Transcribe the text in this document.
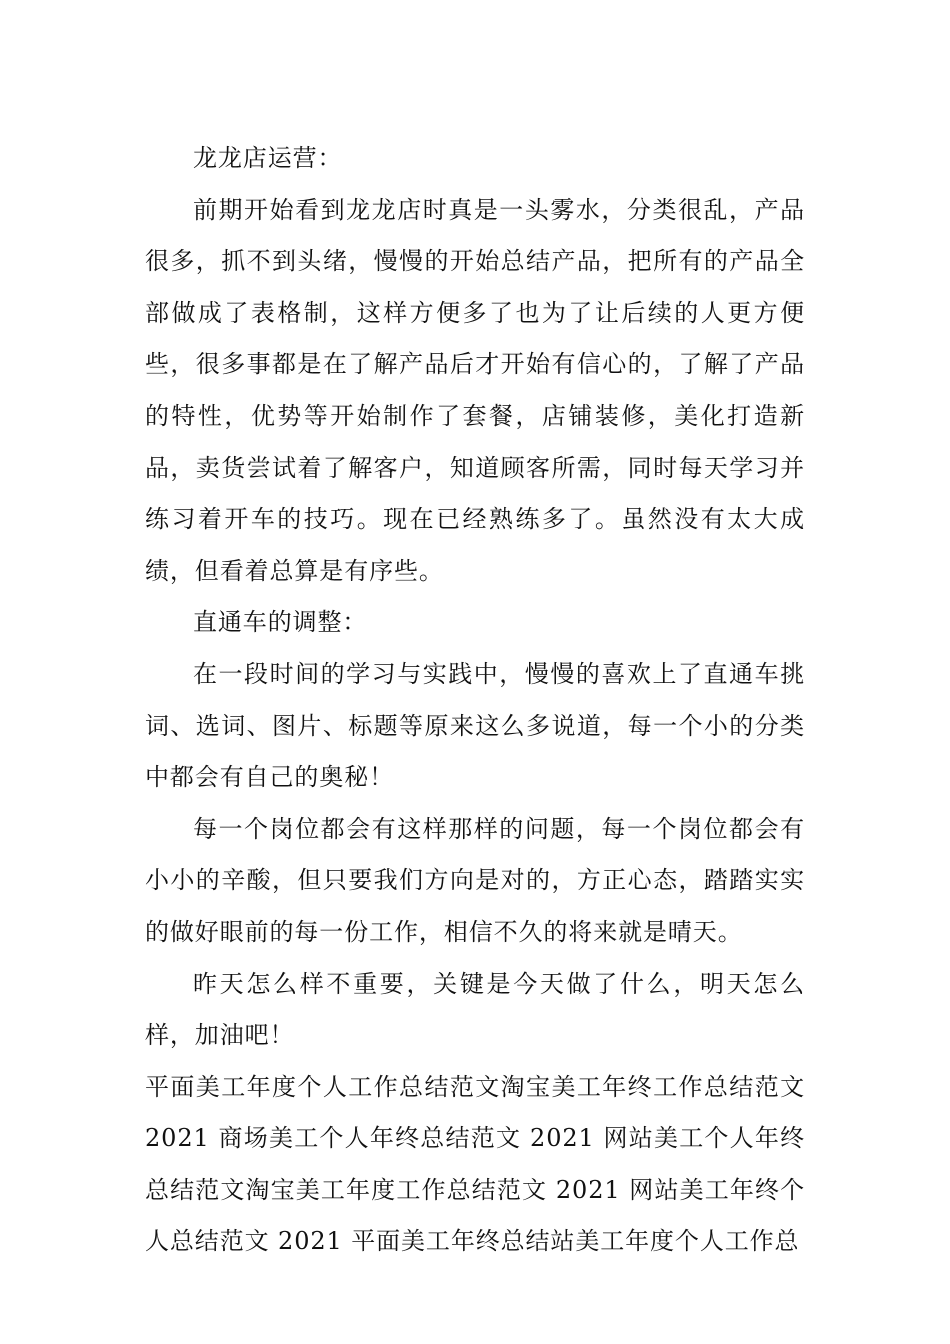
龙龙店运营：

前期开始看到龙龙店时真是一头雾水，分类很乱，产品很多，抓不到头绪，慢慢的开始总结产品，把所有的产品全部做成了表格制，这样方便多了也为了让后续的人更方便些，很多事都是在了解产品后才开始有信心的，了解了产品的特性，优势等开始制作了套餐，店铺装修，美化打造新品，卖货尝试着了解客户，知道顾客所需，同时每天学习并练习着开车的技巧。现在已经熟练多了。虽然没有太大成绩，但看着总算是有序些。

直通车的调整：

在一段时间的学习与实践中，慢慢的喜欢上了直通车挑词、选词、图片、标题等原来这么多说道，每一个小的分类中都会有自己的奥秘！

每一个岗位都会有这样那样的问题，每一个岗位都会有小小的辛酸，但只要我们方向是对的，方正心态，踏踏实实的做好眼前的每一份工作，相信不久的将来就是晴天。

昨天怎么样不重要，关键是今天做了什么，明天怎么样，加油吧！

平面美工年度个人工作总结范文淘宝美工年终工作总结范文 2021 商场美工个人年终总结范文 2021 网站美工个人年终总结范文淘宝美工年度工作总结范文 2021 网站美工年终个人总结范文 2021 平面美工年终总结站美工年度个人工作总
